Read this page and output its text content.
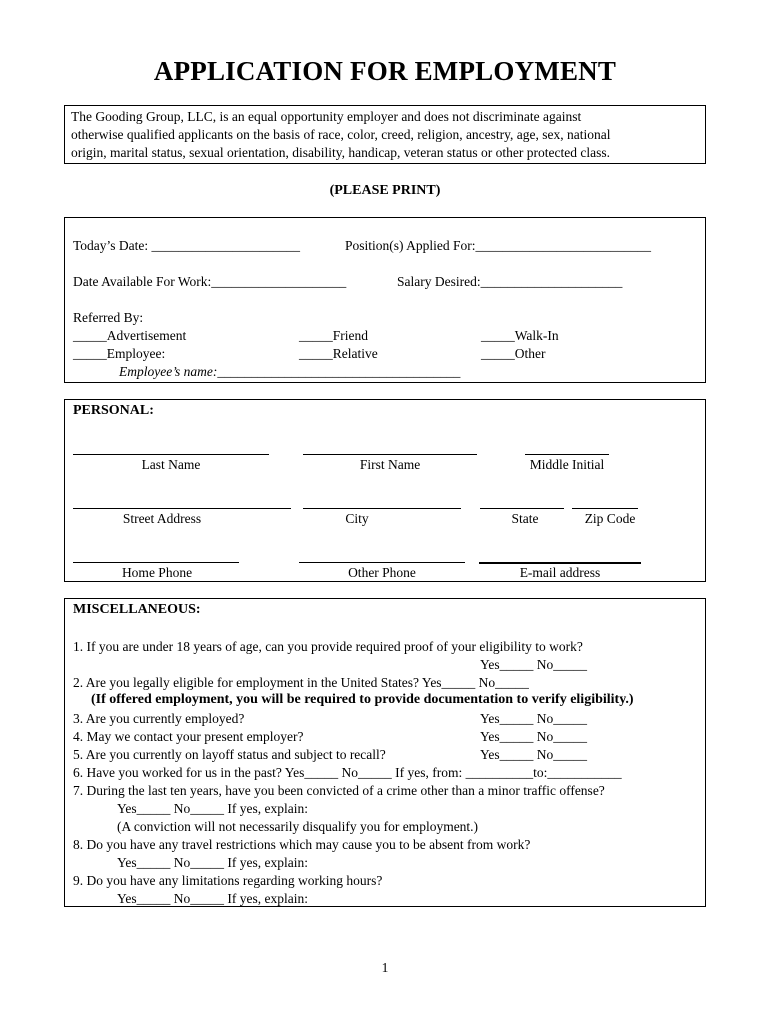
APPLICATION FOR EMPLOYMENT
The Gooding Group, LLC, is an equal opportunity employer and does not discriminate against
otherwise qualified applicants on the basis of race, color, creed, religion, ancestry, age, sex, national
origin, marital status, sexual orientation, disability, handicap, veteran status or other protected class.
(PLEASE PRINT)
Today’s Date: ______________________	Position(s) Applied For:__________________________
Date Available For Work:____________________	Salary Desired:_____________________
Referred By:
_____Advertisement	_____Friend	_____Walk-In
_____Employee:	_____Relative	_____Other
Employee’s name:____________________________________
PERSONAL:
Last Name	First Name	Middle Initial
Street Address	City	State	Zip Code
Home Phone	Other Phone	E-mail address
MISCELLANEOUS:
1. If you are under 18 years of age, can you provide required proof of your eligibility to work?
Yes_____ No_____
2. Are you legally eligible for employment in the United States? Yes_____ No_____
(If offered employment, you will be required to provide documentation to verify eligibility.)
3. Are you currently employed?	Yes_____ No_____
4. May we contact your present employer?	Yes_____ No_____
5. Are you currently on layoff status and subject to recall?	Yes_____ No_____
6. Have you worked for us in the past? Yes_____ No_____ If yes, from: __________to:___________
7. During the last ten years, have you been convicted of a crime other than a minor traffic offense?
Yes_____ No_____ If yes, explain:
(A conviction will not necessarily disqualify you for employment.)
8. Do you have any travel restrictions which may cause you to be absent from work?
Yes_____ No_____ If yes, explain:
9. Do you have any limitations regarding working hours?
Yes_____ No_____ If yes, explain:
1
